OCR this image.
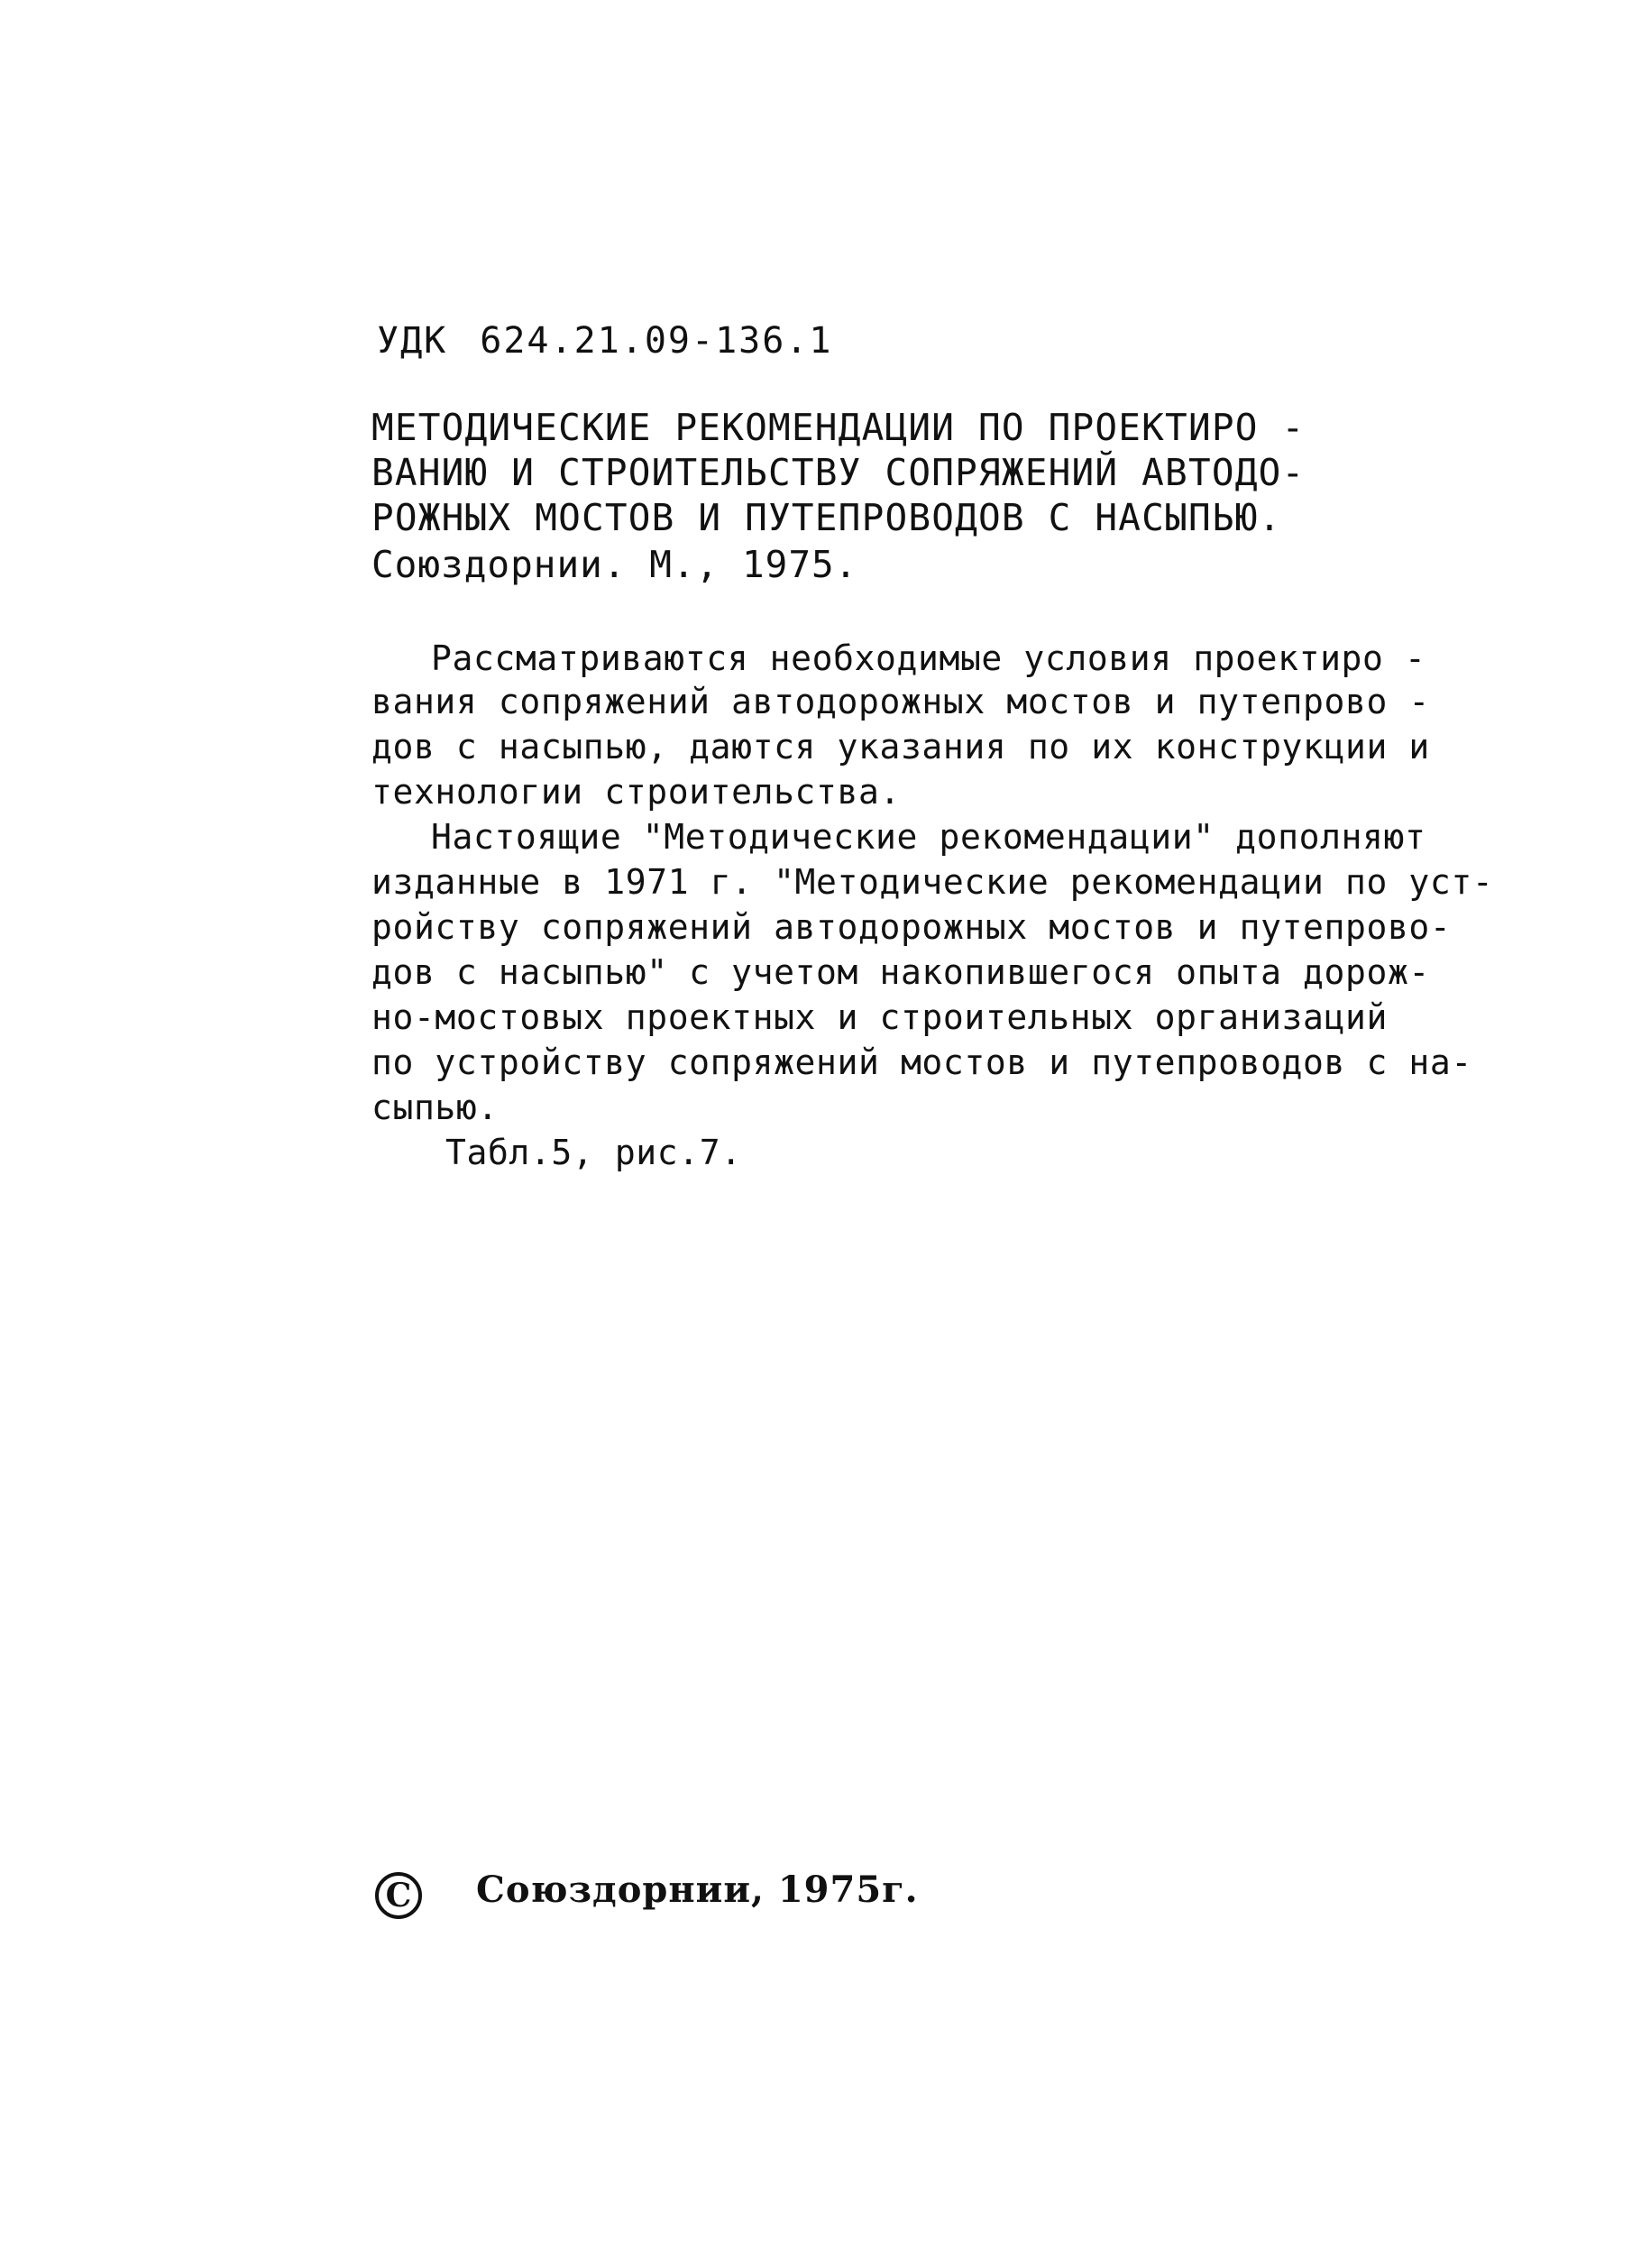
УДК 624.21.09-136.1
МЕТОДИЧЕСКИЕ РЕКОМЕНДАЦИИ ПО ПРОЕКТИРО -
ВАНИЮ И СТРОИТЕЛЬСТВУ СОПРЯЖЕНИЙ АВТОДО-
РОЖНЫХ МОСТОВ И ПУТЕПРОВОДОВ С НАСЫПЬЮ.
Союздорнии. М., 1975.
Рассматриваются необходимые условия проектиро -
вания сопряжений автодорожных мостов и путепрово -
дов с насыпью, даются указания по их конструкции и
технологии строительства.
Настоящие "Методические рекомендации" дополняют
изданные в 1971 г. "Методические рекомендации по уст-
ройству сопряжений автодорожных мостов и путепрово-
дов с насыпью" с учетом накопившегося опыта дорож-
но-мостовых проектных и строительных организаций
по устройству сопряжений мостов и путепроводов с на-
сыпью.
Табл.5, рис.7.
C Союздорнии, 1975г.
